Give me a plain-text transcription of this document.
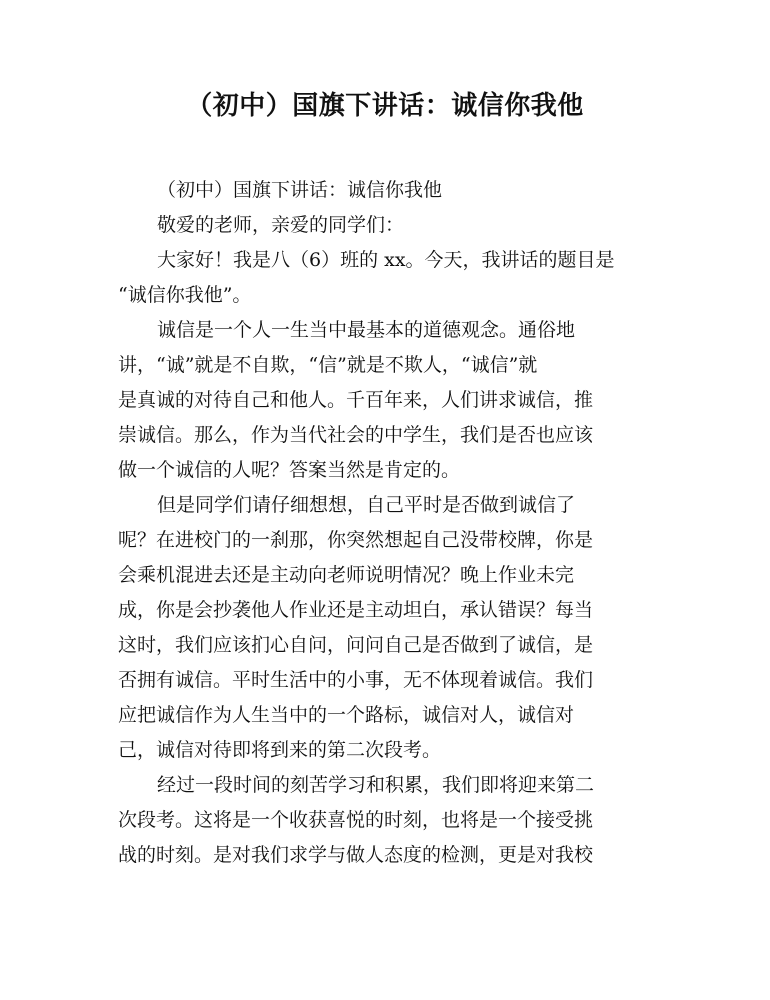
（初中）国旗下讲话：诚信你我他
（初中）国旗下讲话：诚信你我他
敬爱的老师，亲爱的同学们：
大家好！我是八（6）班的 xx。今天，我讲话的题目是
“诚信你我他”。
诚信是一个人一生当中最基本的道德观念。通俗地
讲，“诚”就是不自欺，“信”就是不欺人，“诚信”就
是真诚的对待自己和他人。千百年来，人们讲求诚信，推
崇诚信。那么，作为当代社会的中学生，我们是否也应该
做一个诚信的人呢？答案当然是肯定的。
但是同学们请仔细想想，自己平时是否做到诚信了
呢？在进校门的一刹那，你突然想起自己没带校牌，你是
会乘机混进去还是主动向老师说明情况？晚上作业未完
成，你是会抄袭他人作业还是主动坦白，承认错误？每当
这时，我们应该扪心自问，问问自己是否做到了诚信，是
否拥有诚信。平时生活中的小事，无不体现着诚信。我们
应把诚信作为人生当中的一个路标，诚信对人，诚信对
己，诚信对待即将到来的第二次段考。
经过一段时间的刻苦学习和积累，我们即将迎来第二
次段考。这将是一个收获喜悦的时刻，也将是一个接受挑
战的时刻。是对我们求学与做人态度的检测，更是对我校
